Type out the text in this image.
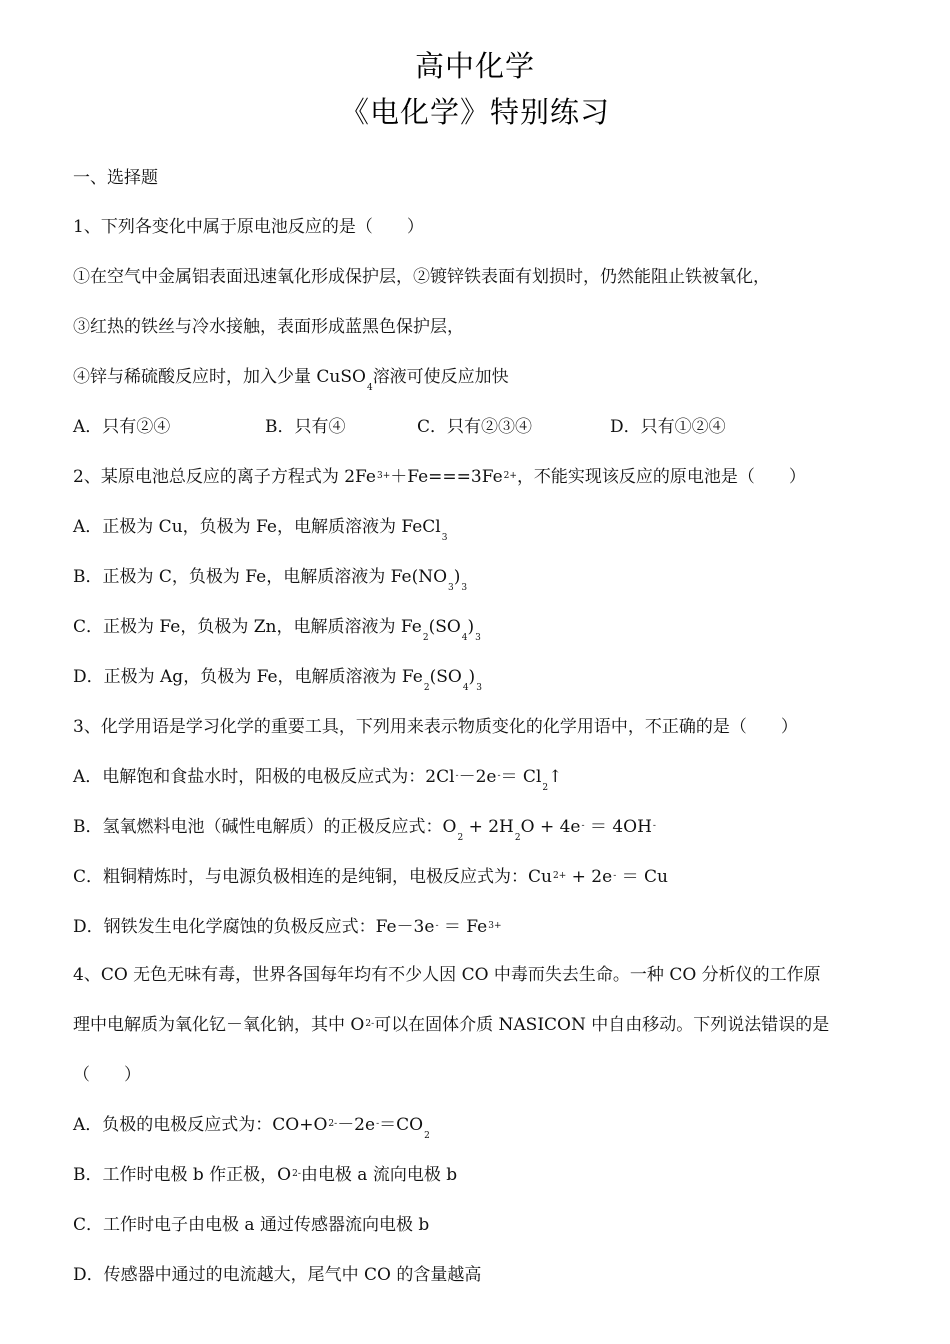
高中化学
《电化学》特别练习
一、选择题
1、下列各变化中属于原电池反应的是（　　）
①在空气中金属铝表面迅速氧化形成保护层，②镀锌铁表面有划损时，仍然能阻止铁被氧化，
③红热的铁丝与冷水接触，表面形成蓝黑色保护层，
④锌与稀硫酸反应时，加入少量 CuSO$_4$溶液可使反应加快
A．只有②④	B．只有④	C．只有②③④	D．只有①②④
2、某原电池总反应的离子方程式为 $2Fe^{3+}+Fe===3Fe^{2+}$，不能实现该反应的原电池是（　　）
A．正极为 Cu，负极为 Fe，电解质溶液为 FeCl$_3$
B．正极为 C，负极为 Fe，电解质溶液为 $Fe(NO_3)_3$
C．正极为 Fe，负极为 Zn，电解质溶液为 $Fe_2(SO_4)_3$
D．正极为 Ag，负极为 Fe，电解质溶液为 $Fe_2(SO_4)_3$
3、化学用语是学习化学的重要工具，下列用来表示物质变化的化学用语中，不正确的是（　　）
A．电解饱和食盐水时，阳极的电极反应式为：$2Cl^--2e^-= Cl_2↑$
B．氢氧燃料电池（碱性电解质）的正极反应式：$O_2 + 2H_2O + 4e^- = 4OH^-$
C．粗铜精炼时，与电源负极相连的是纯铜，电极反应式为：$Cu^{2+} + 2e^- = Cu$
D．钢铁发生电化学腐蚀的负极反应式：$Fe-3e^- = Fe^{3+}$
4、CO 无色无味有毒，世界各国每年均有不少人因 CO 中毒而失去生命。一种 CO 分析仪的工作原
理中电解质为氧化钇－氧化钠，其中 $O^{2-}$可以在固体介质 NASICON 中自由移动。下列说法错误的是
（　　）
A．负极的电极反应式为：$CO+O^{2-}-2e^-=CO_2$
B．工作时电极 b 作正极，$O^{2-}$由电极 a 流向电极 b
C．工作时电子由电极 a 通过传感器流向电极 b
D．传感器中通过的电流越大，尾气中 CO 的含量越高
